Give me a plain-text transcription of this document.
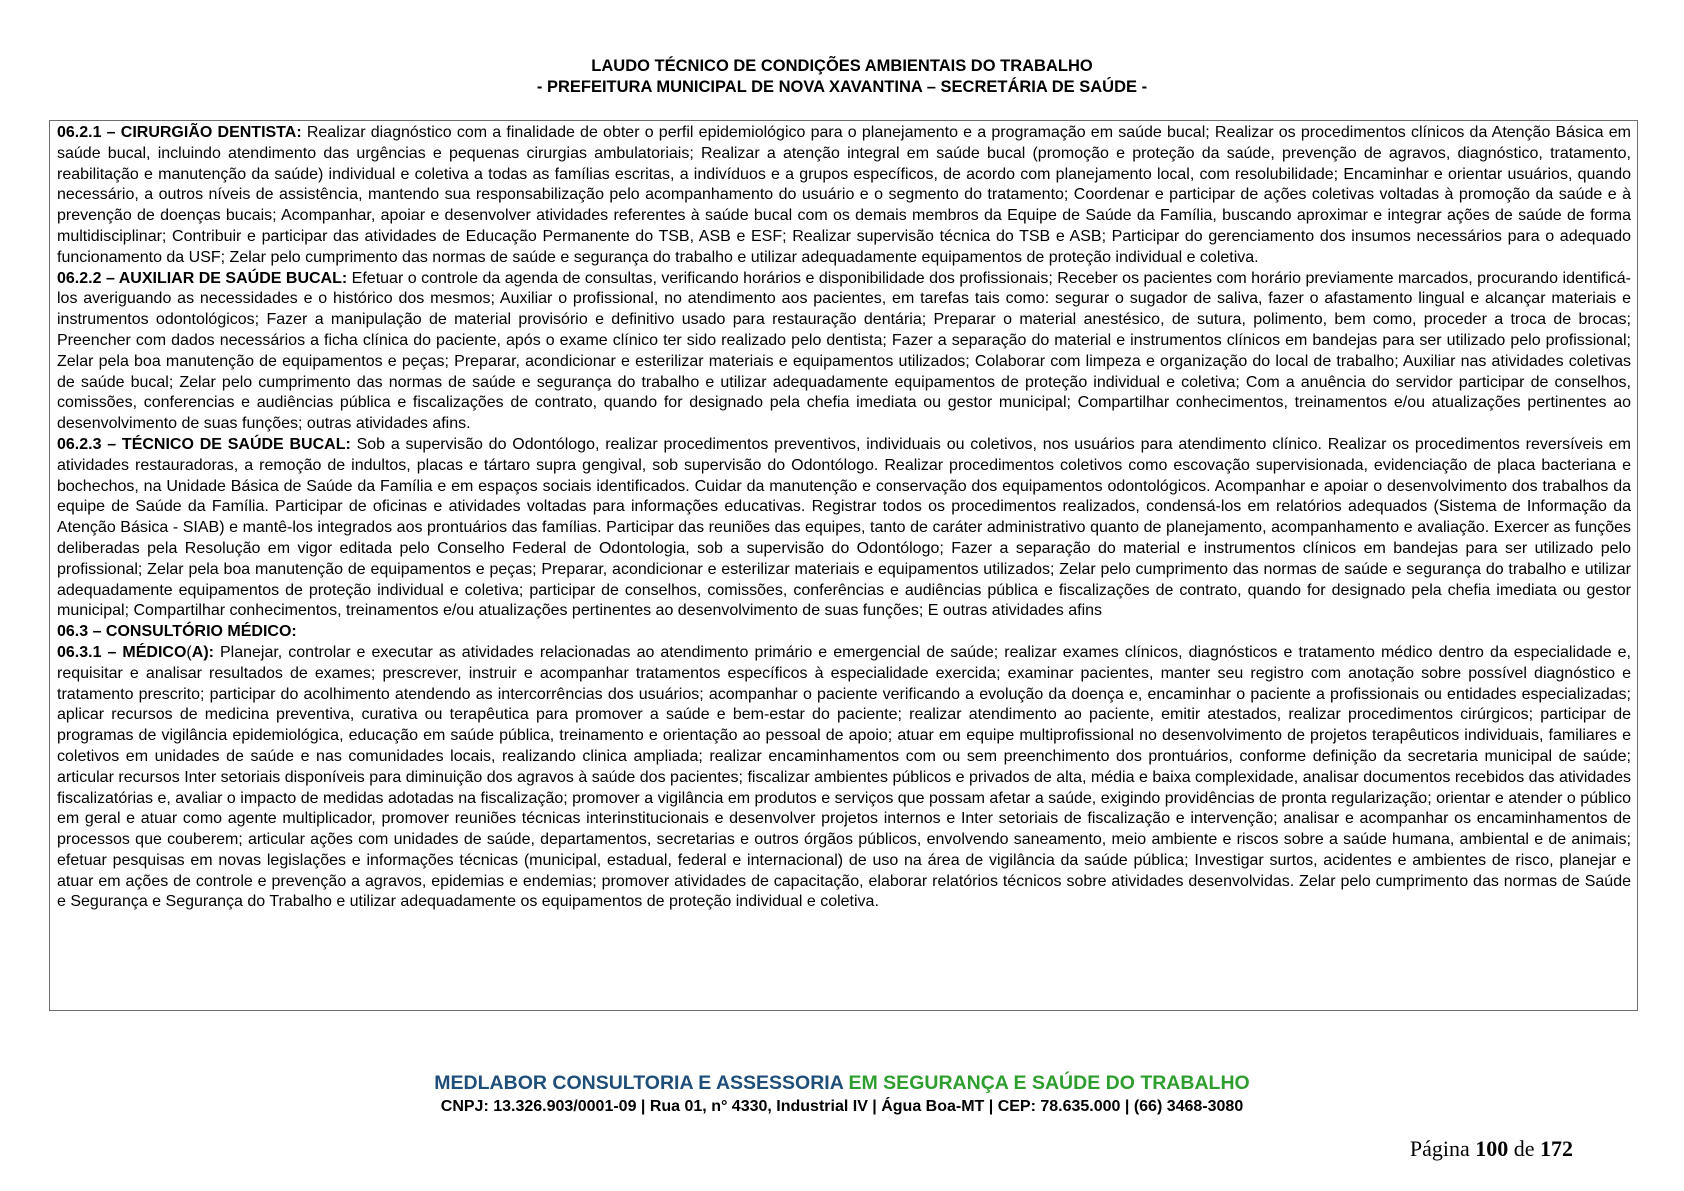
LAUDO TÉCNICO DE CONDIÇÕES AMBIENTAIS DO TRABALHO
- PREFEITURA MUNICIPAL DE NOVA XAVANTINA – SECRETÁRIA DE SAÚDE -

06.2.1 – CIRURGIÃO DENTISTA: Realizar diagnóstico com a finalidade de obter o perfil epidemiológico para o planejamento e a programação em saúde bucal; Realizar os procedimentos clínicos da Atenção Básica em saúde bucal, incluindo atendimento das urgências e pequenas cirurgias ambulatoriais; Realizar a atenção integral em saúde bucal (promoção e proteção da saúde, prevenção de agravos, diagnóstico, tratamento, reabilitação e manutenção da saúde) individual e coletiva a todas as famílias escritas, a indivíduos e a grupos específicos, de acordo com planejamento local, com resolubilidade; Encaminhar e orientar usuários, quando necessário, a outros níveis de assistência, mantendo sua responsabilização pelo acompanhamento do usuário e o segmento do tratamento; Coordenar e participar de ações coletivas voltadas à promoção da saúde e à prevenção de doenças bucais; Acompanhar, apoiar e desenvolver atividades referentes à saúde bucal com os demais membros da Equipe de Saúde da Família, buscando aproximar e integrar ações de saúde de forma multidisciplinar; Contribuir e participar das atividades de Educação Permanente do TSB, ASB e ESF; Realizar supervisão técnica do TSB e ASB; Participar do gerenciamento dos insumos necessários para o adequado funcionamento da USF; Zelar pelo cumprimento das normas de saúde e segurança do trabalho e utilizar adequadamente equipamentos de proteção individual e coletiva.

06.2.2 – AUXILIAR DE SAÚDE BUCAL: Efetuar o controle da agenda de consultas, verificando horários e disponibilidade dos profissionais; Receber os pacientes com horário previamente marcados, procurando identificá-los averiguando as necessidades e o histórico dos mesmos; Auxiliar o profissional, no atendimento aos pacientes, em tarefas tais como: segurar o sugador de saliva, fazer o afastamento lingual e alcançar materiais e instrumentos odontológicos; Fazer a manipulação de material provisório e definitivo usado para restauração dentária; Preparar o material anestésico, de sutura, polimento, bem como, proceder a troca de brocas; Preencher com dados necessários a ficha clínica do paciente, após o exame clínico ter sido realizado pelo dentista; Fazer a separação do material e instrumentos clínicos em bandejas para ser utilizado pelo profissional; Zelar pela boa manutenção de equipamentos e peças; Preparar, acondicionar e esterilizar materiais e equipamentos utilizados; Colaborar com limpeza e organização do local de trabalho; Auxiliar nas atividades coletivas de saúde bucal; Zelar pelo cumprimento das normas de saúde e segurança do trabalho e utilizar adequadamente equipamentos de proteção individual e coletiva; Com a anuência do servidor participar de conselhos, comissões, conferencias e audiências pública e fiscalizações de contrato, quando for designado pela chefia imediata ou gestor municipal; Compartilhar conhecimentos, treinamentos e/ou atualizações pertinentes ao desenvolvimento de suas funções; outras atividades afins.

06.2.3 – TÉCNICO DE SAÚDE BUCAL: Sob a supervisão do Odontólogo, realizar procedimentos preventivos, individuais ou coletivos, nos usuários para atendimento clínico. Realizar os procedimentos reversíveis em atividades restauradoras, a remoção de indultos, placas e tártaro supra gengival, sob supervisão do Odontólogo. Realizar procedimentos coletivos como escovação supervisionada, evidenciação de placa bacteriana e bochechos, na Unidade Básica de Saúde da Família e em espaços sociais identificados. Cuidar da manutenção e conservação dos equipamentos odontológicos. Acompanhar e apoiar o desenvolvimento dos trabalhos da equipe de Saúde da Família. Participar de oficinas e atividades voltadas para informações educativas. Registrar todos os procedimentos realizados, condensá-los em relatórios adequados (Sistema de Informação da Atenção Básica - SIAB) e mantê-los integrados aos prontuários das famílias. Participar das reuniões das equipes, tanto de caráter administrativo quanto de planejamento, acompanhamento e avaliação. Exercer as funções deliberadas pela Resolução em vigor editada pelo Conselho Federal de Odontologia, sob a supervisão do Odontólogo; Fazer a separação do material e instrumentos clínicos em bandejas para ser utilizado pelo profissional; Zelar pela boa manutenção de equipamentos e peças; Preparar, acondicionar e esterilizar materiais e equipamentos utilizados; Zelar pelo cumprimento das normas de saúde e segurança do trabalho e utilizar adequadamente equipamentos de proteção individual e coletiva; participar de conselhos, comissões, conferências e audiências pública e fiscalizações de contrato, quando for designado pela chefia imediata ou gestor municipal; Compartilhar conhecimentos, treinamentos e/ou atualizações pertinentes ao desenvolvimento de suas funções; E outras atividades afins

06.3 – CONSULTÓRIO MÉDICO:

06.3.1 – MÉDICO(A): Planejar, controlar e executar as atividades relacionadas ao atendimento primário e emergencial de saúde; realizar exames clínicos, diagnósticos e tratamento médico dentro da especialidade e, requisitar e analisar resultados de exames; prescrever, instruir e acompanhar tratamentos específicos à especialidade exercida; examinar pacientes, manter seu registro com anotação sobre possível diagnóstico e tratamento prescrito; participar do acolhimento atendendo as intercorrências dos usuários; acompanhar o paciente verificando a evolução da doença e, encaminhar o paciente a profissionais ou entidades especializadas; aplicar recursos de medicina preventiva, curativa ou terapêutica para promover a saúde e bem-estar do paciente; realizar atendimento ao paciente, emitir atestados, realizar procedimentos cirúrgicos; participar de programas de vigilância epidemiológica, educação em saúde pública, treinamento e orientação ao pessoal de apoio; atuar em equipe multiprofissional no desenvolvimento de projetos terapêuticos individuais, familiares e coletivos em unidades de saúde e nas comunidades locais, realizando clinica ampliada; realizar encaminhamentos com ou sem preenchimento dos prontuários, conforme definição da secretaria municipal de saúde; articular recursos Inter setoriais disponíveis para diminuição dos agravos à saúde dos pacientes; fiscalizar ambientes públicos e privados de alta, média e baixa complexidade, analisar documentos recebidos das atividades fiscalizatórias e, avaliar o impacto de medidas adotadas na fiscalização; promover a vigilância em produtos e serviços que possam afetar a saúde, exigindo providências de pronta regularização; orientar e atender o público em geral e atuar como agente multiplicador, promover reuniões técnicas interinstitucionais e desenvolver projetos internos e Inter setoriais de fiscalização e intervenção; analisar e acompanhar os encaminhamentos de processos que couberem; articular ações com unidades de saúde, departamentos, secretarias e outros órgãos públicos, envolvendo saneamento, meio ambiente e riscos sobre a saúde humana, ambiental e de animais; efetuar pesquisas em novas legislações e informações técnicas (municipal, estadual, federal e internacional) de uso na área de vigilância da saúde pública; Investigar surtos, acidentes e ambientes de risco, planejar e atuar em ações de controle e prevenção a agravos, epidemias e endemias; promover atividades de capacitação, elaborar relatórios técnicos sobre atividades desenvolvidas. Zelar pelo cumprimento das normas de Saúde e Segurança e Segurança do Trabalho e utilizar adequadamente os equipamentos de proteção individual e coletiva.

MEDLABOR CONSULTORIA E ASSESSORIA EM SEGURANÇA E SAÚDE DO TRABALHO
CNPJ: 13.326.903/0001-09 | Rua 01, n° 4330, Industrial IV | Água Boa-MT | CEP: 78.635.000 | (66) 3468-3080
Página 100 de 172
